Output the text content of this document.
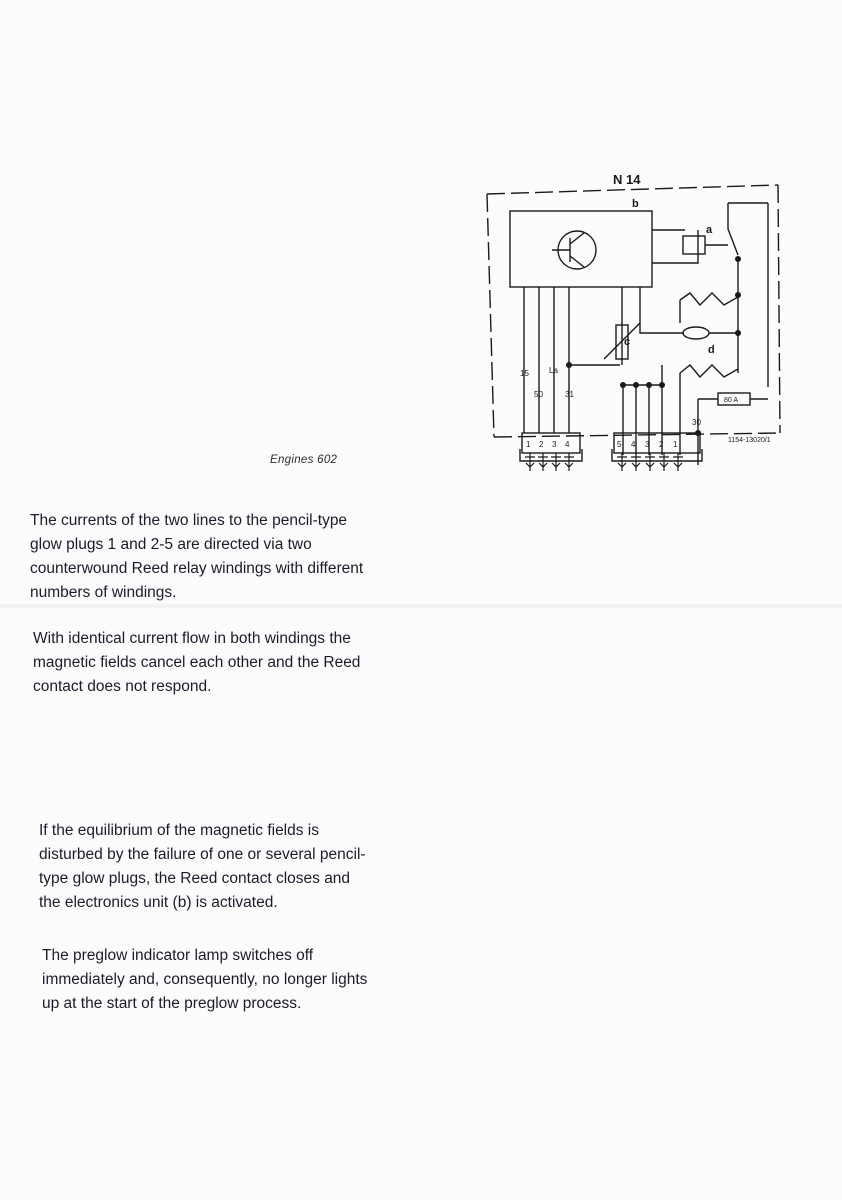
N 14
b
a
c
d
15	La
50	31
30
80 A
1 2 3 4	5 4 3 2 1	1154-13020/1
Engines 602
The currents of the two lines to the pencil-type
glow plugs 1 and 2-5 are directed via two
counterwound Reed relay windings with different
numbers of windings.
With identical current flow in both windings the
magnetic fields cancel each other and the Reed
contact does not respond.
If the equilibrium of the magnetic fields is
disturbed by the failure of one or several pencil-
type glow plugs, the Reed contact closes and
the electronics unit (b) is activated.
The preglow indicator lamp switches off
immediately and, consequently, no longer lights
up at the start of the preglow process.
